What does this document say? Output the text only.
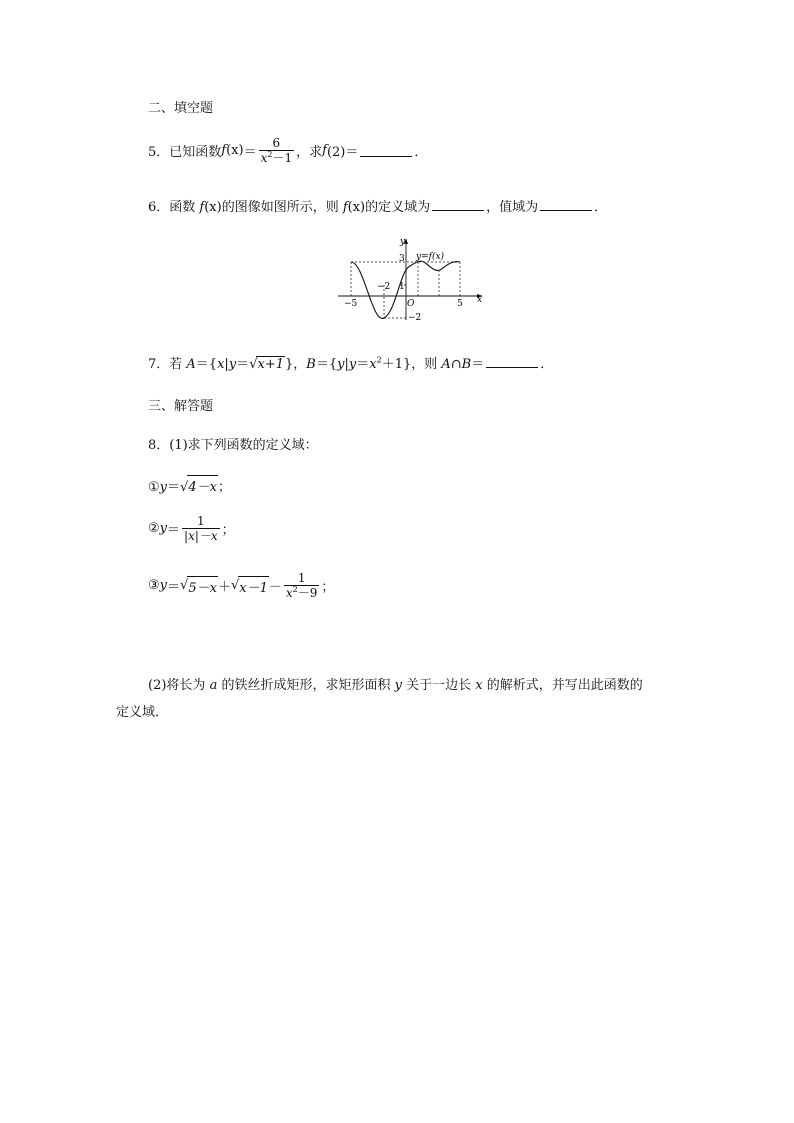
二、填空题
5．已知函数 f $(x) = \frac{6}{x^2-1}$ ，求 f (2)＝	．
6．函数 f(x)的图像如图所示，则 f(x)的定义域为	，值域为	．
y
x
y=f(x)
3
1
−2
−5
−2
5
O
7．若 A＝{x|y＝√x+1}，$B=\{y|y=x^2+1\}$，则 A∩B＝	．
三、解答题
8．(1)求下列函数的定义域：
①y＝√4－x；
② $y = \frac{1}{|x|-x}$ ；
③ y ＝ √ 5－x ＋ √ $x-1 - \frac{1}{x^2-9}$ ；
(2)将长为 a 的铁丝折成矩形，求矩形面积 y 关于一边长 x 的解析式，并写出此函数的
定义域．
